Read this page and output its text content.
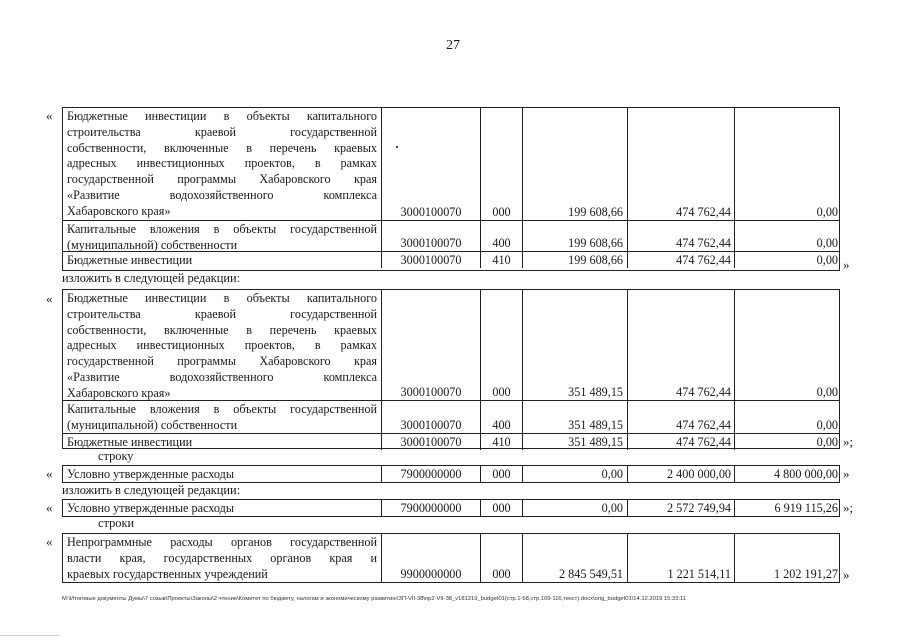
27
Бюджетные инвестиции в объекты капитального
строительства краевой государственной
собственности, включенные в перечень краевых
адресных инвестиционных проектов, в рамках
государственной программы Хабаровского края
«Развитие водохозяйственного комплекса
Хабаровского края»	3000100070	000	199 608,66	474 762,44	0,00
Капитальные вложения в объекты государственной
(муниципальной) собственности	3000100070	400	199 608,66	474 762,44	0,00
Бюджетные инвестиции	3000100070	410	199 608,66	474 762,44	0,00
Бюджетные инвестиции в объекты капитального
строительства краевой государственной
собственности, включенные в перечень краевых
адресных инвестиционных проектов, в рамках
государственной программы Хабаровского края
«Развитие водохозяйственного комплекса
Хабаровского края»	3000100070	000	351 489,15	474 762,44	0,00
Капитальные вложения в объекты государственной
(муниципальной) собственности	3000100070	400	351 489,15	474 762,44	0,00
Бюджетные инвестиции	3000100070	410	351 489,15	474 762,44	0,00
Условно утвержденные расходы	7900000000	000	0,00	2 400 000,00	4 800 000,00
Условно утвержденные расходы	7900000000	000	0,00	2 572 749,94	6 919 115,26
Непрограммные расходы органов государственной
власти края, государственных органов края и
краевых государственных учреждений	9900000000	000	2 845 549,51	1 221 514,11	1 202 191,27
«
»
изложить в следующей редакции:
«
»;
строку
«	»
изложить в следующей редакции:
«	»;
строки
«
»
M:\Итоговые документы Думы\7 созыв\Проекты\Законы\2 чтение\Комитет по бюджету, налогам и экономическому развитию\ЗП-VII-38\пр2-VII-38_v181219_budget01(стр.1-58,стр.109-116,текст).docx\orig_budget01\14.12.2019 15:33:11
